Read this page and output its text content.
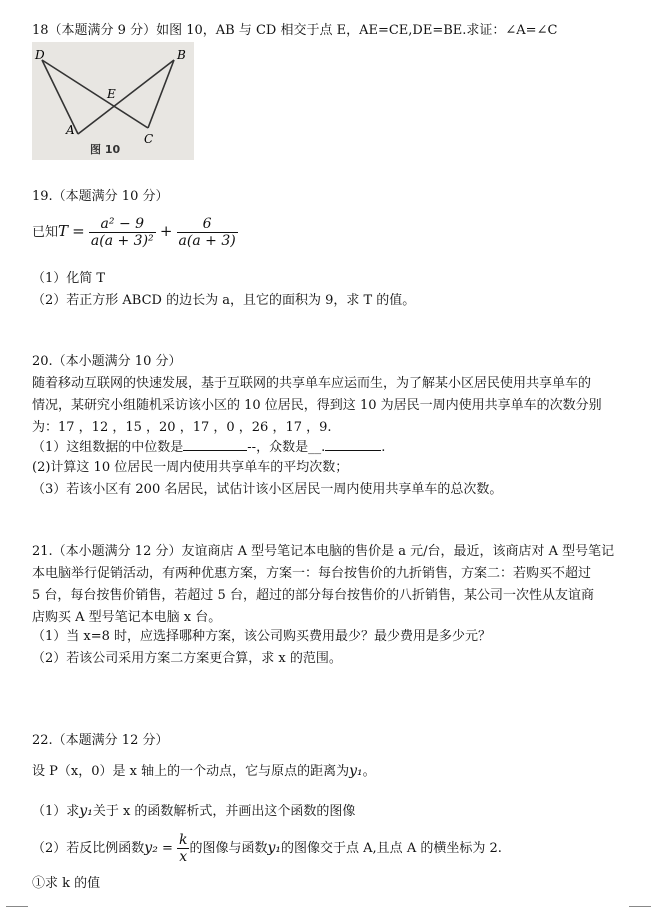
18（本题满分 9 分）如图 10，AB 与 CD 相交于点 E，AE=CE,DE=BE.求证：∠A=∠C
D	B
E
A
C
图 10
19.（本题满分 10 分）
已知$T = \frac{\text{a² − 9}}{\text{a(a + 3)²}} + \frac{6}{a(a + 3)}$
（1）化简 T
（2）若正方形 ABCD 的边长为 a，且它的面积为 9，求 T 的值。
20.（本小题满分 10 分）
随着移动互联网的快速发展，基于互联网的共享单车应运而生，为了解某小区居民使用共享单车的
情况，某研究小组随机采访该小区的 10 位居民，得到这 10 为居民一周内使用共享单车的次数分别
为：17 ，12 ，15 ，20 ，17 ，0 ，26 ，17 ，9.
（1）这组数据的中位数是	--，众数是__.	.
(2)计算这 10 位居民一周内使用共享单车的平均次数；
（3）若该小区有 200 名居民，试估计该小区居民一周内使用共享单车的总次数。
21.（本小题满分 12 分）友谊商店 A 型号笔记本电脑的售价是 a 元/台，最近，该商店对 A 型号笔记
本电脑举行促销活动，有两种优惠方案，方案一：每台按售价的九折销售，方案二：若购买不超过
5 台，每台按售价销售，若超过 5 台，超过的部分每台按售价的八折销售，某公司一次性从友谊商
店购买 A 型号笔记本电脑 x 台。
（1）当 x=8 时，应选择哪种方案，该公司购买费用最少？最少费用是多少元？
（2）若该公司采用方案二方案更合算，求 x 的范围。
22.（本题满分 12 分）
设 P（x，0）是 x 轴上的一个动点，它与原点的距离为y₁。
（1）求y₁关于 x 的函数解析式，并画出这个函数的图像
（2）若反比例函数$y_2 = \frac{k}{x}$ 的图像与函数y₁的图像交于点 A,且点 A 的横坐标为 2.
①求 k 的值
